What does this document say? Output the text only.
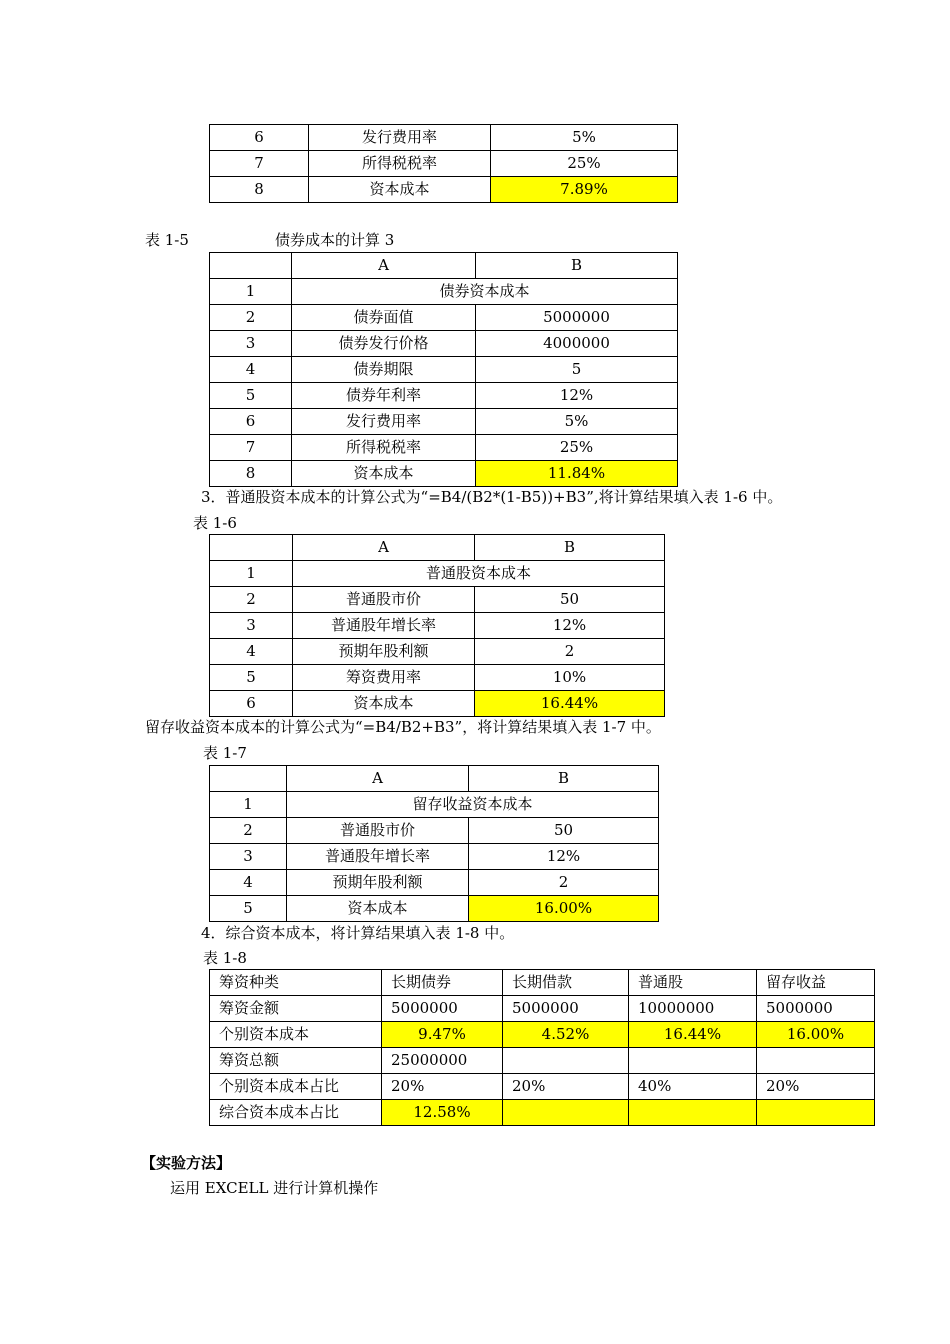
6	发行费用率	5%
7	所得税税率	25%
8	资本成本	7.89%
表 1-5	债券成本的计算 3
	A	B
1	债券资本成本	
2	债券面值	5000000
3	债券发行价格	4000000
4	债券期限	5
5	债券年利率	12%
6	发行费用率	5%
7	所得税税率	25%
8	资本成本	11.84%
3．普通股资本成本的计算公式为“=B4/(B2*(1-B5))+B3”,将计算结果填入表 1-6 中。
表 1-6
	A	B
1	普通股资本成本	
2	普通股市价	50
3	普通股年增长率	12%
4	预期年股利额	2
5	筹资费用率	10%
6	资本成本	16.44%
留存收益资本成本的计算公式为“=B4/B2+B3”，将计算结果填入表 1-7 中。
表 1-7
	A	B
1	留存收益资本成本	
2	普通股市价	50
3	普通股年增长率	12%
4	预期年股利额	2
5	资本成本	16.00%
4．综合资本成本，将计算结果填入表 1-8 中。
表 1-8
筹资种类	长期债券	长期借款	普通股	留存收益
筹资金额	5000000	5000000	10000000	5000000
个别资本成本	9.47%	4.52%	16.44%	16.00%
筹资总额	25000000			
个别资本成本占比	20%	20%	40%	20%
综合资本成本占比	12.58%			
【实验方法】
运用 EXCELL 进行计算机操作
